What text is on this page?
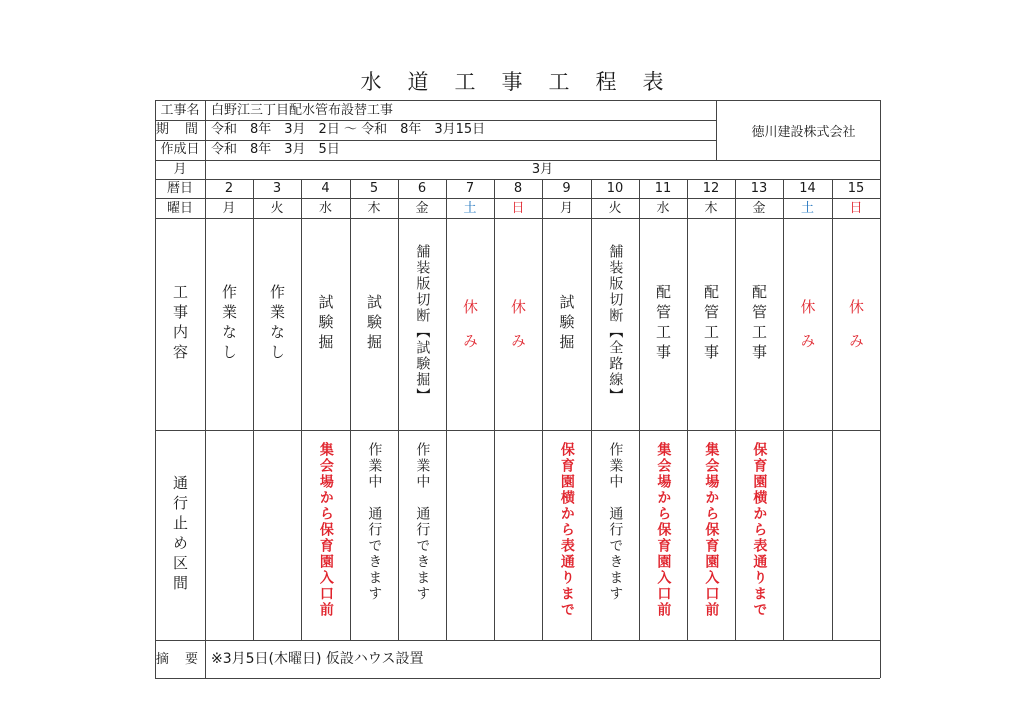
水道工事工程表
工事名 白野江三丁目配水管布設替工事
期 間 令和　8年　3月　2日 ～ 令和　8年　3月15日
作成日 令和　8年　3月　5日
徳川建設株式会社
月	3月
暦日
曜日
工事内容
通行止め区間
摘 要 ※3月5日(木曜日) 仮設ハウス設置
2
月
作業なし
3
火
作業なし
4
水
試験掘
集会場から保育園入口前
5
木
試験掘
作業中　通行できます
6
金
舗装版切断【試験掘】
作業中　通行できます
7
土
休　み
8
日
休　み
9
月
試験掘
保育園横から表通りまで
10
火
舗装版切断【全路線】
作業中　通行できます
11
水
配管工事
集会場から保育園入口前
12
木
配管工事
集会場から保育園入口前
13
金
配管工事
保育園横から表通りまで
14
土
休　み
15
日
休　み
